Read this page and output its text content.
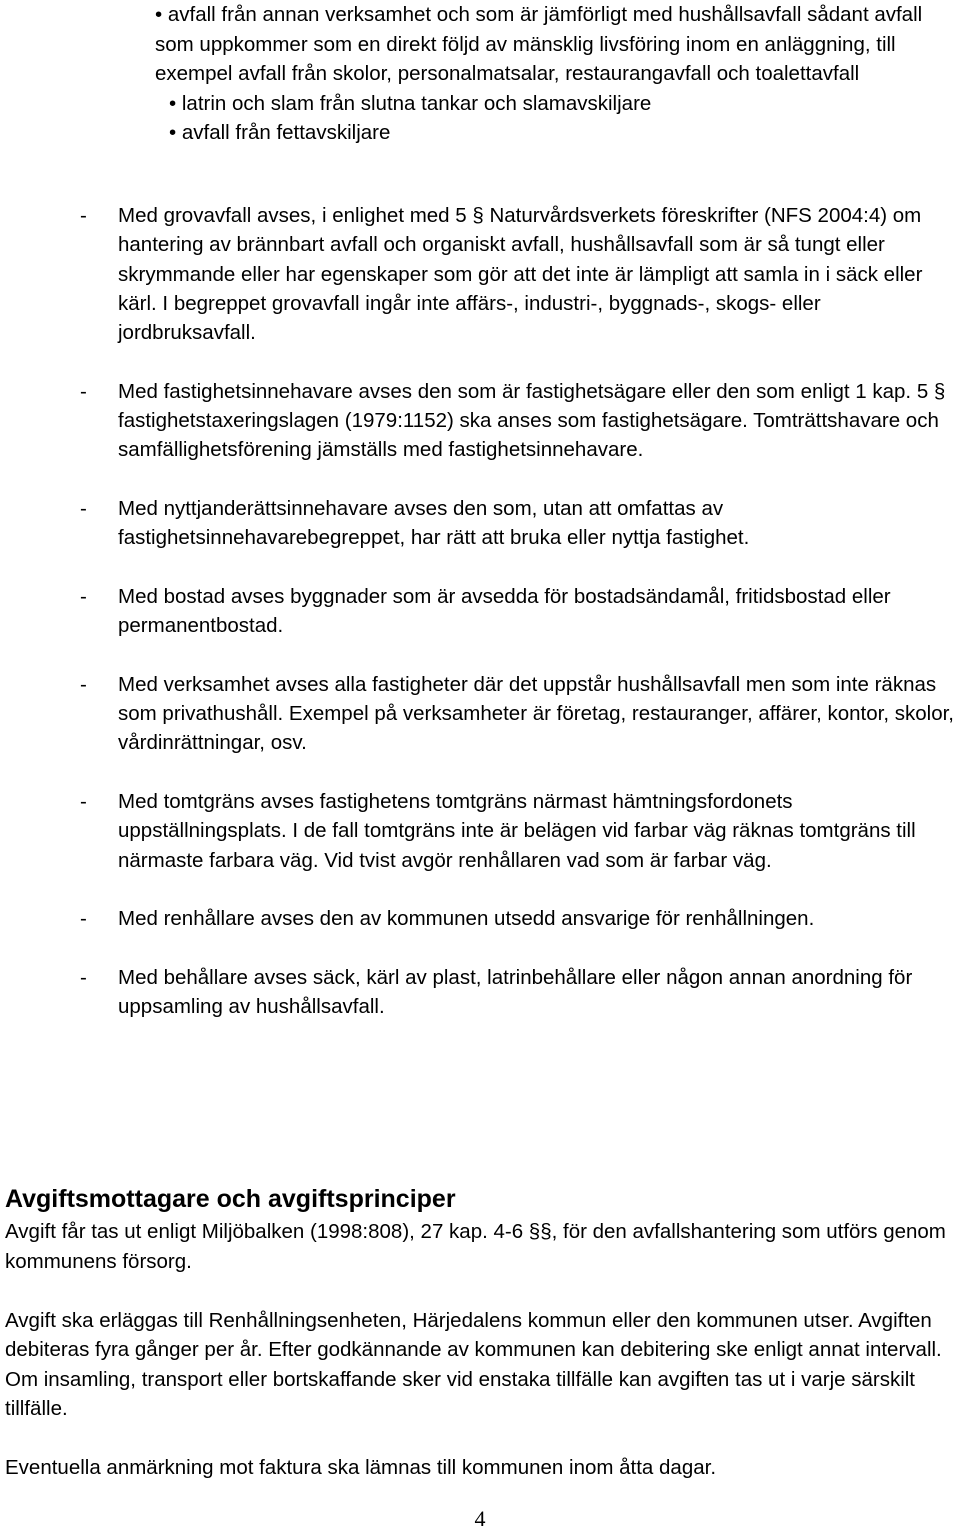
• avfall från annan verksamhet och som är jämförligt med hushållsavfall sådant avfall som uppkommer som en direkt följd av mänsklig livsföring inom en anläggning, till exempel avfall från skolor, personalmatsalar, restaurangavfall och toalettavfall

• latrin och slam från slutna tankar och slamavskiljare

• avfall från fettavskiljare

-	Med grovavfall avses, i enlighet med 5 § Naturvårdsverkets föreskrifter (NFS 2004:4) om hantering av brännbart avfall och organiskt avfall, hushållsavfall som är så tungt eller skrymmande eller har egenskaper som gör att det inte är lämpligt att samla in i säck eller kärl. I begreppet grovavfall ingår inte affärs-, industri-, byggnads-, skogs- eller jordbruksavfall.
-	Med fastighetsinnehavare avses den som är fastighetsägare eller den som enligt 1 kap. 5 § fastighetstaxeringslagen (1979:1152) ska anses som fastighetsägare. Tomträttshavare och samfällighetsförening jämställs med fastighetsinnehavare.
-	Med nyttjanderättsinnehavare avses den som, utan att omfattas av fastighetsinnehavarebegreppet, har rätt att bruka eller nyttja fastighet.
-	Med bostad avses byggnader som är avsedda för bostadsändamål, fritidsbostad eller permanentbostad.
-	Med verksamhet avses alla fastigheter där det uppstår hushållsavfall men som inte räknas som privathushåll. Exempel på verksamheter är företag, restauranger, affärer, kontor, skolor, vårdinrättningar, osv.
-	Med tomtgräns avses fastighetens tomtgräns närmast hämtningsfordonets uppställningsplats. I de fall tomtgräns inte är belägen vid farbar väg räknas tomtgräns till närmaste farbara väg. Vid tvist avgör renhållaren vad som är farbar väg.
-	Med renhållare avses den av kommunen utsedd ansvarige för renhållningen.
-	Med behållare avses säck, kärl av plast, latrinbehållare eller någon annan anordning för uppsamling av hushållsavfall.
Avgiftsmottagare och avgiftsprinciper

Avgift får tas ut enligt Miljöbalken (1998:808), 27 kap. 4-6 §§, för den avfallshantering som utförs genom kommunens försorg.

Avgift ska erläggas till Renhållningsenheten, Härjedalens kommun eller den kommunen utser. Avgiften debiteras fyra gånger per år. Efter godkännande av kommunen kan debitering ske enligt annat intervall. Om insamling, transport eller bortskaffande sker vid enstaka tillfälle kan avgiften tas ut i varje särskilt tillfälle.

Eventuella anmärkning mot faktura ska lämnas till kommunen inom åtta dagar.

4
